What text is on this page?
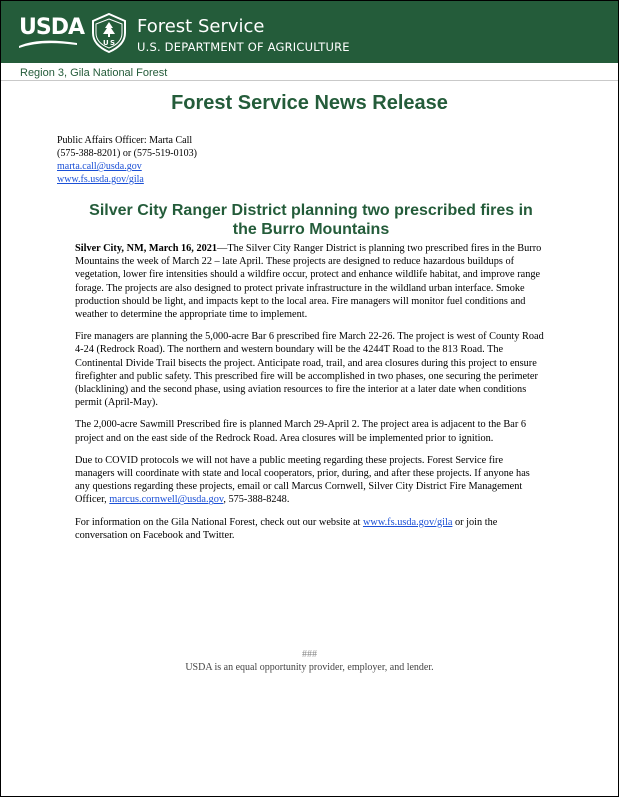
USDA
U S
Forest Service
U.S. DEPARTMENT OF AGRICULTURE
Region 3, Gila National Forest
Forest Service News Release
Public Affairs Officer: Marta Call
(575-388-8201) or (575-519-0103)
marta.call@usda.gov
www.fs.usda.gov/gila
Silver City Ranger District planning two prescribed fires in
the Burro Mountains

Silver City, NM, March 16, 2021—The Silver City Ranger District is planning two prescribed fires in the Burro Mountains the week of March 22 – late April. These projects are designed to reduce hazardous buildups of vegetation, lower fire intensities should a wildfire occur, protect and enhance wildlife habitat, and improve range forage. The projects are also designed to protect private infrastructure in the wildland urban interface. Smoke production should be light, and impacts kept to the local area. Fire managers will monitor fuel conditions and weather to determine the appropriate time to implement.

Fire managers are planning the 5,000-acre Bar 6 prescribed fire March 22-26. The project is west of County Road 4-24 (Redrock Road). The northern and western boundary will be the 4244T Road to the 813 Road. The Continental Divide Trail bisects the project. Anticipate road, trail, and area closures during this project to ensure firefighter and public safety. This prescribed fire will be accomplished in two phases, one securing the perimeter (blacklining) and the second phase, using aviation resources to fire the interior at a later date when conditions permit (April-May).

The 2,000-acre Sawmill Prescribed fire is planned March 29-April 2. The project area is adjacent to the Bar 6 project and on the east side of the Redrock Road. Area closures will be implemented prior to ignition.

Due to COVID protocols we will not have a public meeting regarding these projects. Forest Service fire managers will coordinate with state and local cooperators, prior, during, and after these projects. If anyone has any questions regarding these projects, email or call Marcus Cornwell, Silver City District Fire Management Officer, marcus.cornwell@usda.gov, 575-388-8248.

For information on the Gila National Forest, check out our website at www.fs.usda.gov/gila or join the conversation on Facebook and Twitter.

###
USDA is an equal opportunity provider, employer, and lender.
